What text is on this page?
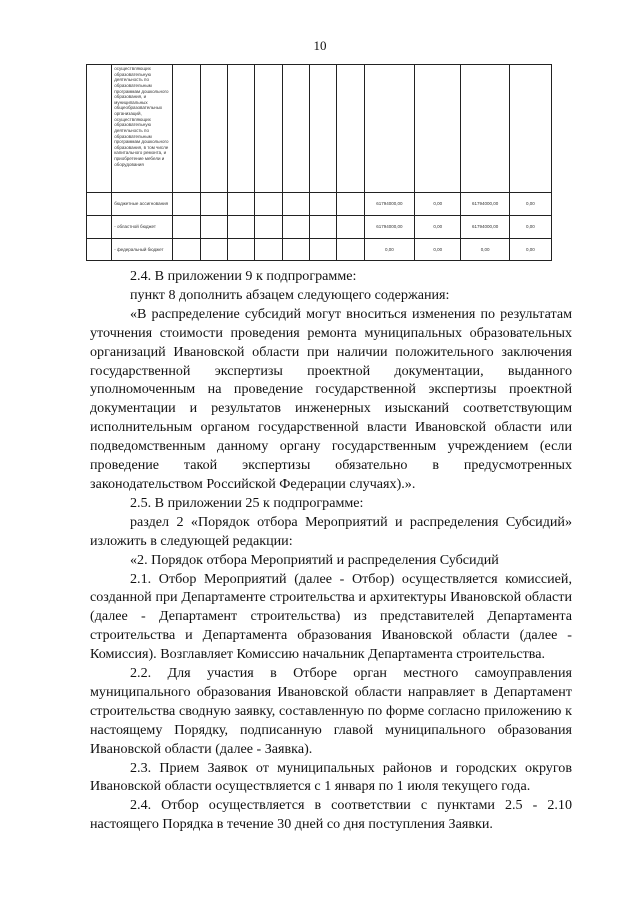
10
	осуществляющих образовательную деятельность по образовательным программам дошкольного образования, и муниципальных общеобразовательных организаций, осуществляющих образовательную деятельность по образовательным программам дошкольного образования, в том числе капитального ремонта, и приобретение мебели и оборудования											
	бюджетные ассигнования								61794000,00	0,00	61794000,00	0,00
	- областной бюджет								61794000,00	0,00	61794000,00	0,00
	- федеральный бюджет								0,00	0,00	0,00	0,00

2.4. В приложении 9 к подпрограмме:

пункт 8 дополнить абзацем следующего содержания:

«В распределение субсидий могут вноситься изменения по результатам уточнения стоимости проведения ремонта муниципальных образовательных организаций Ивановской области при наличии положительного заключения государственной экспертизы проектной документации, выданного уполномоченным на проведение государственной экспертизы проектной документации и результатов инженерных изысканий соответствующим исполнительным органом государственной власти Ивановской области или подведомственным данному органу государственным учреждением (если проведение такой экспертизы обязательно в предусмотренных законодательством Российской Федерации случаях).».

2.5. В приложении 25 к подпрограмме:

раздел 2 «Порядок отбора Мероприятий и распределения Субсидий» изложить в следующей редакции:

«2. Порядок отбора Мероприятий и распределения Субсидий

2.1. Отбор Мероприятий (далее - Отбор) осуществляется комиссией, созданной при Департаменте строительства и архитектуры Ивановской области (далее - Департамент строительства) из представителей Департамента строительства и Департамента образования Ивановской области (далее - Комиссия). Возглавляет Комиссию начальник Департамента строительства.

2.2. Для участия в Отборе орган местного самоуправления муниципального образования Ивановской области направляет в Департамент строительства сводную заявку, составленную по форме согласно приложению к настоящему Порядку, подписанную главой муниципального образования Ивановской области (далее - Заявка).

2.3. Прием Заявок от муниципальных районов и городских округов Ивановской области осуществляется с 1 января по 1 июля текущего года.

2.4. Отбор осуществляется в соответствии с пунктами 2.5 - 2.10 настоящего Порядка в течение 30 дней со дня поступления Заявки.
